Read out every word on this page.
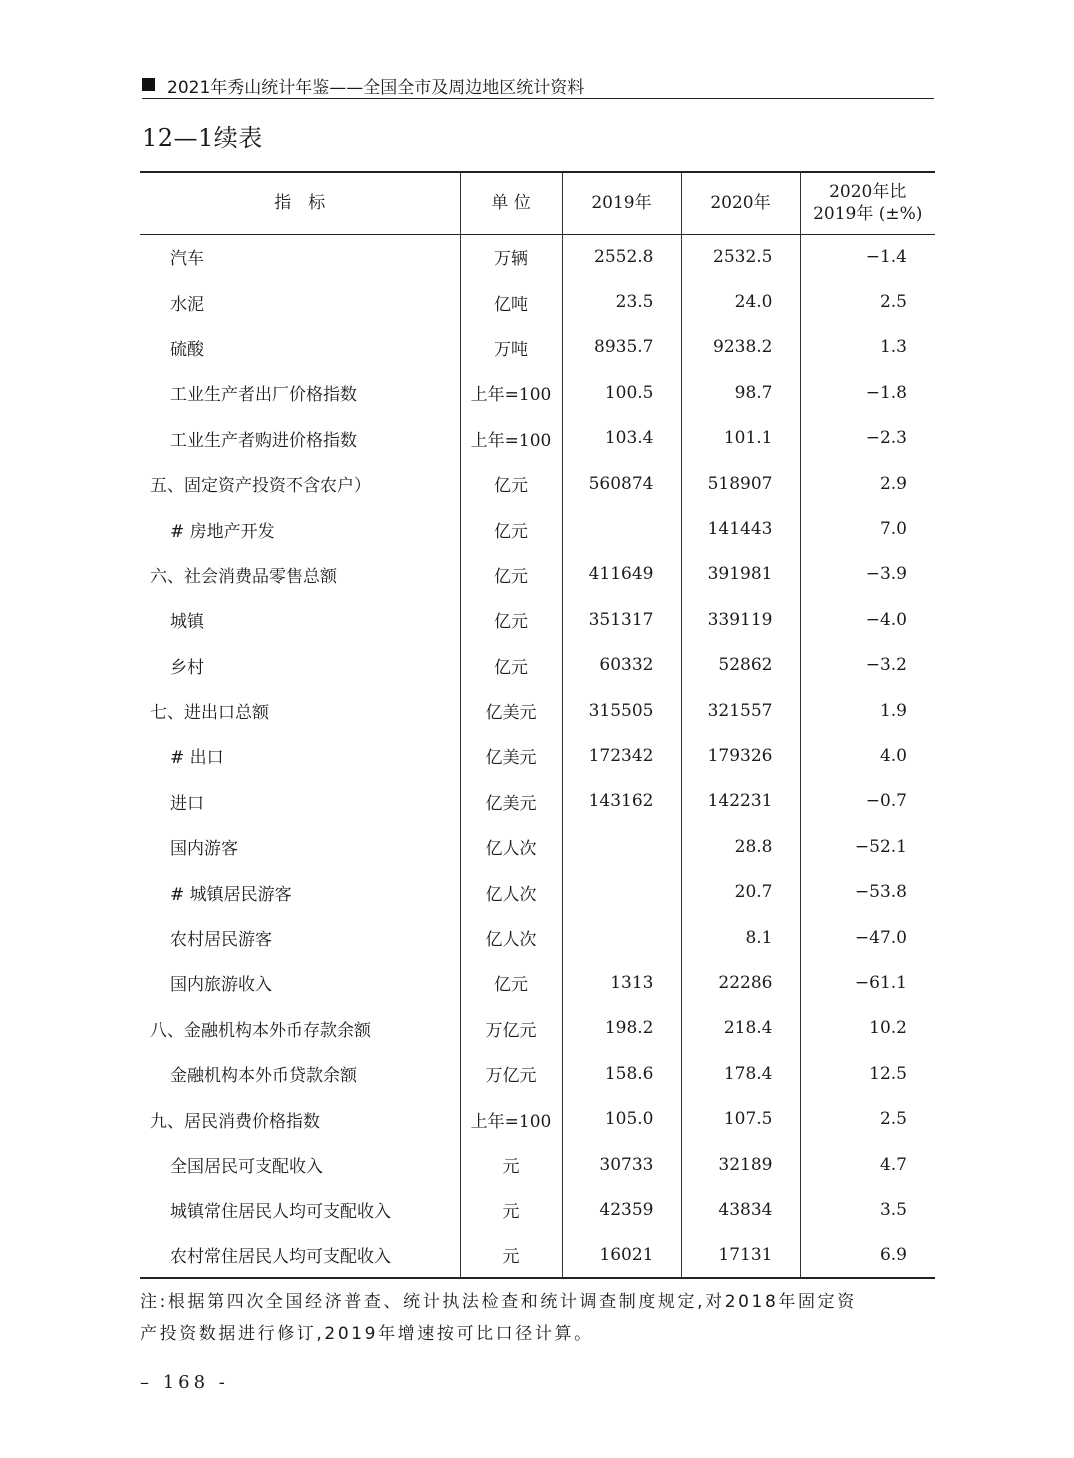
2021年秀山统计年鉴——全国全市及周边地区统计资料
12—1续表
指　标	单 位	2019年	2020年	2020年比
2019年 (±%)

汽车	万辆	2552.8	2532.5	−1.4
水泥	亿吨	23.5	24.0	2.5
硫酸	万吨	8935.7	9238.2	1.3
工业生产者出厂价格指数	上年=100	100.5	98.7	−1.8
工业生产者购进价格指数	上年=100	103.4	101.1	−2.3
五、固定资产投资不含农户）	亿元	560874	518907	2.9
# 房地产开发	亿元		141443	7.0
六、社会消费品零售总额	亿元	411649	391981	−3.9
城镇	亿元	351317	339119	−4.0
乡村	亿元	60332	52862	−3.2
七、进出口总额	亿美元	315505	321557	1.9
# 出口	亿美元	172342	179326	4.0
进口	亿美元	143162	142231	−0.7
国内游客	亿人次		28.8	−52.1
# 城镇居民游客	亿人次		20.7	−53.8
农村居民游客	亿人次		8.1	−47.0
国内旅游收入	亿元	1313	22286	−61.1
八、金融机构本外币存款余额	万亿元	198.2	218.4	10.2
金融机构本外币贷款余额	万亿元	158.6	178.4	12.5
九、居民消费价格指数	上年=100	105.0	107.5	2.5
全国居民可支配收入	元	30733	32189	4.7
城镇常住居民人均可支配收入	元	42359	43834	3.5
农村常住居民人均可支配收入	元	16021	17131	6.9
注:根据第四次全国经济普查、统计执法检查和统计调查制度规定,对2018年固定资
产投资数据进行修订,2019年增速按可比口径计算。
– 168 -
